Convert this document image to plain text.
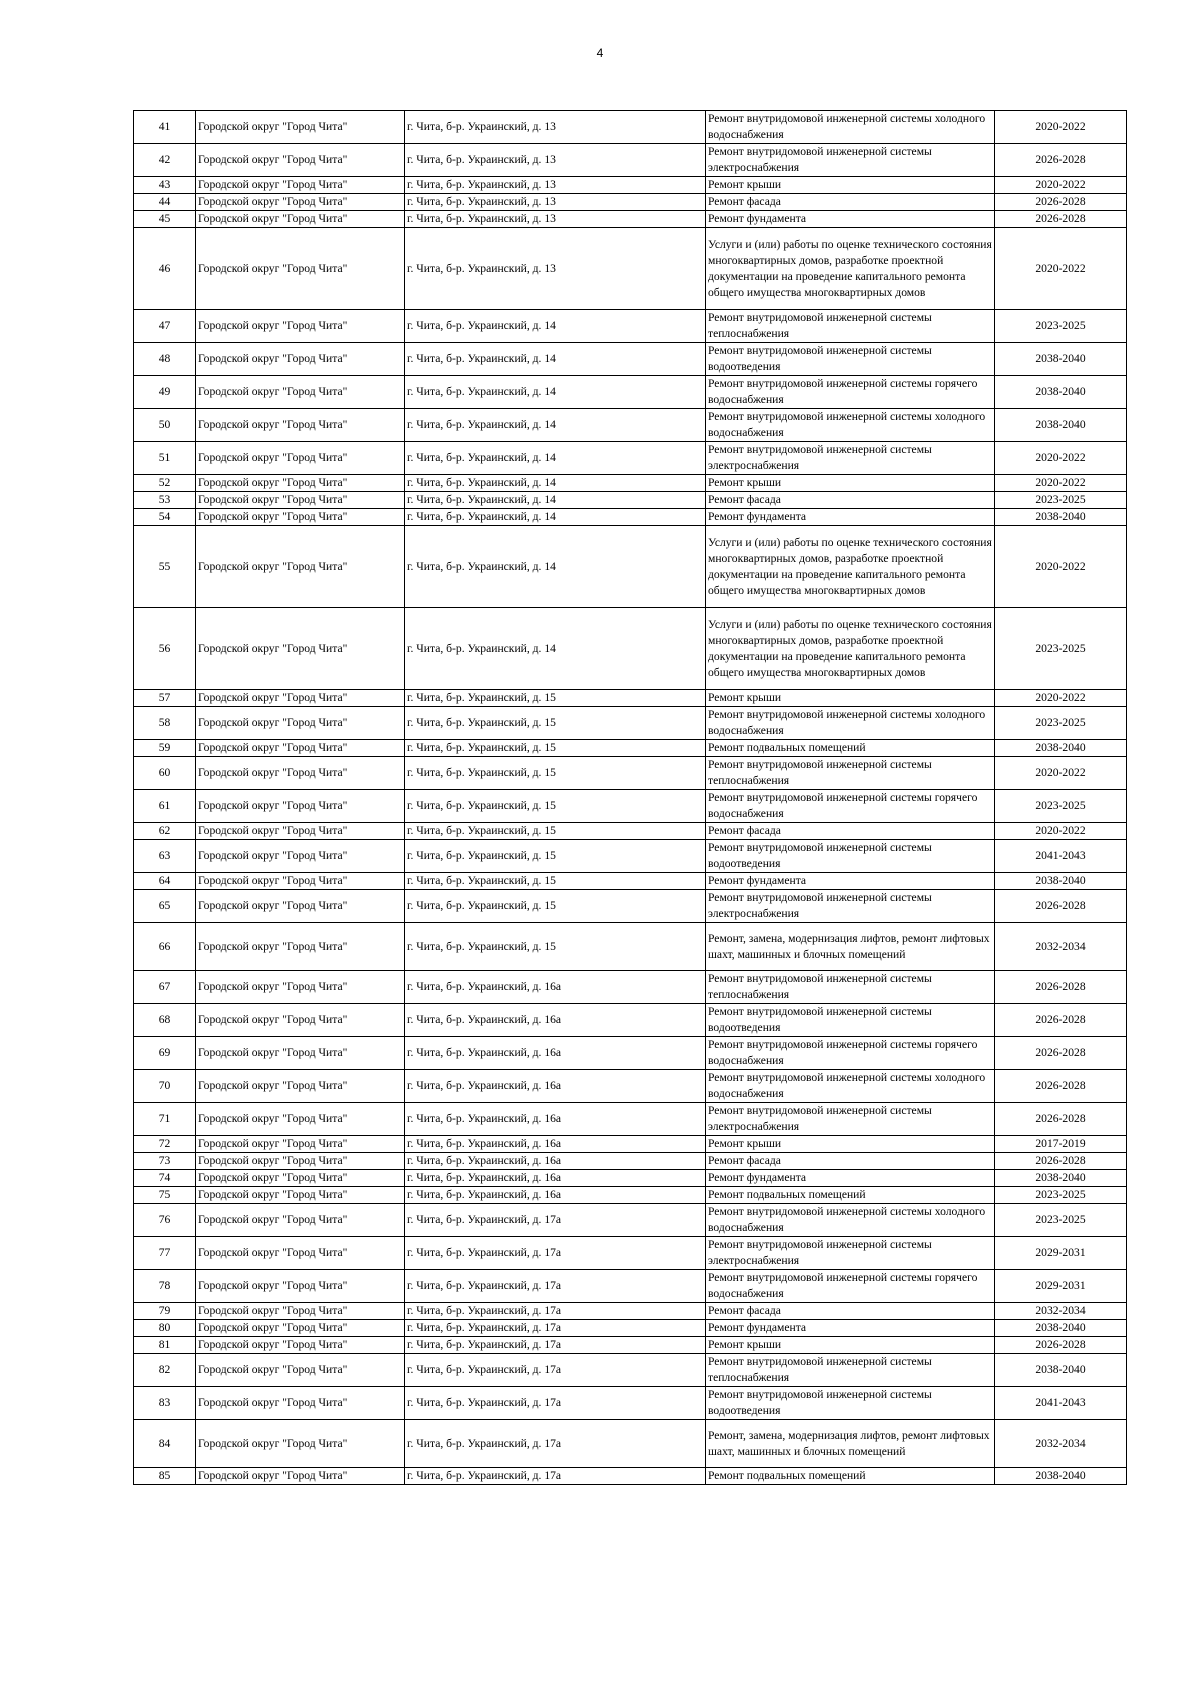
4
41	Городской округ "Город Чита"	г. Чита, б-р. Украинский, д. 13	Ремонт внутридомовой инженерной системы холодного водоснабжения	2020-2022
42	Городской округ "Город Чита"	г. Чита, б-р. Украинский, д. 13	Ремонт внутридомовой инженерной системы электроснабжения	2026-2028
43	Городской округ "Город Чита"	г. Чита, б-р. Украинский, д. 13	Ремонт крыши	2020-2022
44	Городской округ "Город Чита"	г. Чита, б-р. Украинский, д. 13	Ремонт фасада	2026-2028
45	Городской округ "Город Чита"	г. Чита, б-р. Украинский, д. 13	Ремонт фундамента	2026-2028
46	Городской округ "Город Чита"	г. Чита, б-р. Украинский, д. 13	Услуги и (или) работы по оценке технического состояния многоквартирных домов, разработке проектной документации на проведение капитального ремонта общего имущества многоквартирных домов	2020-2022
47	Городской округ "Город Чита"	г. Чита, б-р. Украинский, д. 14	Ремонт внутридомовой инженерной системы теплоснабжения	2023-2025
48	Городской округ "Город Чита"	г. Чита, б-р. Украинский, д. 14	Ремонт внутридомовой инженерной системы водоотведения	2038-2040
49	Городской округ "Город Чита"	г. Чита, б-р. Украинский, д. 14	Ремонт внутридомовой инженерной системы горячего водоснабжения	2038-2040
50	Городской округ "Город Чита"	г. Чита, б-р. Украинский, д. 14	Ремонт внутридомовой инженерной системы холодного водоснабжения	2038-2040
51	Городской округ "Город Чита"	г. Чита, б-р. Украинский, д. 14	Ремонт внутридомовой инженерной системы электроснабжения	2020-2022
52	Городской округ "Город Чита"	г. Чита, б-р. Украинский, д. 14	Ремонт крыши	2020-2022
53	Городской округ "Город Чита"	г. Чита, б-р. Украинский, д. 14	Ремонт фасада	2023-2025
54	Городской округ "Город Чита"	г. Чита, б-р. Украинский, д. 14	Ремонт фундамента	2038-2040
55	Городской округ "Город Чита"	г. Чита, б-р. Украинский, д. 14	Услуги и (или) работы по оценке технического состояния многоквартирных домов, разработке проектной документации на проведение капитального ремонта общего имущества многоквартирных домов	2020-2022
56	Городской округ "Город Чита"	г. Чита, б-р. Украинский, д. 14	Услуги и (или) работы по оценке технического состояния многоквартирных домов, разработке проектной документации на проведение капитального ремонта общего имущества многоквартирных домов	2023-2025
57	Городской округ "Город Чита"	г. Чита, б-р. Украинский, д. 15	Ремонт крыши	2020-2022
58	Городской округ "Город Чита"	г. Чита, б-р. Украинский, д. 15	Ремонт внутридомовой инженерной системы холодного водоснабжения	2023-2025
59	Городской округ "Город Чита"	г. Чита, б-р. Украинский, д. 15	Ремонт подвальных помещений	2038-2040
60	Городской округ "Город Чита"	г. Чита, б-р. Украинский, д. 15	Ремонт внутридомовой инженерной системы теплоснабжения	2020-2022
61	Городской округ "Город Чита"	г. Чита, б-р. Украинский, д. 15	Ремонт внутридомовой инженерной системы горячего водоснабжения	2023-2025
62	Городской округ "Город Чита"	г. Чита, б-р. Украинский, д. 15	Ремонт фасада	2020-2022
63	Городской округ "Город Чита"	г. Чита, б-р. Украинский, д. 15	Ремонт внутридомовой инженерной системы водоотведения	2041-2043
64	Городской округ "Город Чита"	г. Чита, б-р. Украинский, д. 15	Ремонт фундамента	2038-2040
65	Городской округ "Город Чита"	г. Чита, б-р. Украинский, д. 15	Ремонт внутридомовой инженерной системы электроснабжения	2026-2028
66	Городской округ "Город Чита"	г. Чита, б-р. Украинский, д. 15	Ремонт, замена, модернизация лифтов, ремонт лифтовых шахт, машинных и блочных помещений	2032-2034
67	Городской округ "Город Чита"	г. Чита, б-р. Украинский, д. 16а	Ремонт внутридомовой инженерной системы теплоснабжения	2026-2028
68	Городской округ "Город Чита"	г. Чита, б-р. Украинский, д. 16а	Ремонт внутридомовой инженерной системы водоотведения	2026-2028
69	Городской округ "Город Чита"	г. Чита, б-р. Украинский, д. 16а	Ремонт внутридомовой инженерной системы горячего водоснабжения	2026-2028
70	Городской округ "Город Чита"	г. Чита, б-р. Украинский, д. 16а	Ремонт внутридомовой инженерной системы холодного водоснабжения	2026-2028
71	Городской округ "Город Чита"	г. Чита, б-р. Украинский, д. 16а	Ремонт внутридомовой инженерной системы электроснабжения	2026-2028
72	Городской округ "Город Чита"	г. Чита, б-р. Украинский, д. 16а	Ремонт крыши	2017-2019
73	Городской округ "Город Чита"	г. Чита, б-р. Украинский, д. 16а	Ремонт фасада	2026-2028
74	Городской округ "Город Чита"	г. Чита, б-р. Украинский, д. 16а	Ремонт фундамента	2038-2040
75	Городской округ "Город Чита"	г. Чита, б-р. Украинский, д. 16а	Ремонт подвальных помещений	2023-2025
76	Городской округ "Город Чита"	г. Чита, б-р. Украинский, д. 17а	Ремонт внутридомовой инженерной системы холодного водоснабжения	2023-2025
77	Городской округ "Город Чита"	г. Чита, б-р. Украинский, д. 17а	Ремонт внутридомовой инженерной системы электроснабжения	2029-2031
78	Городской округ "Город Чита"	г. Чита, б-р. Украинский, д. 17а	Ремонт внутридомовой инженерной системы горячего водоснабжения	2029-2031
79	Городской округ "Город Чита"	г. Чита, б-р. Украинский, д. 17а	Ремонт фасада	2032-2034
80	Городской округ "Город Чита"	г. Чита, б-р. Украинский, д. 17а	Ремонт фундамента	2038-2040
81	Городской округ "Город Чита"	г. Чита, б-р. Украинский, д. 17а	Ремонт крыши	2026-2028
82	Городской округ "Город Чита"	г. Чита, б-р. Украинский, д. 17а	Ремонт внутридомовой инженерной системы теплоснабжения	2038-2040
83	Городской округ "Город Чита"	г. Чита, б-р. Украинский, д. 17а	Ремонт внутридомовой инженерной системы водоотведения	2041-2043
84	Городской округ "Город Чита"	г. Чита, б-р. Украинский, д. 17а	Ремонт, замена, модернизация лифтов, ремонт лифтовых шахт, машинных и блочных помещений	2032-2034
85	Городской округ "Город Чита"	г. Чита, б-р. Украинский, д. 17а	Ремонт подвальных помещений	2038-2040
